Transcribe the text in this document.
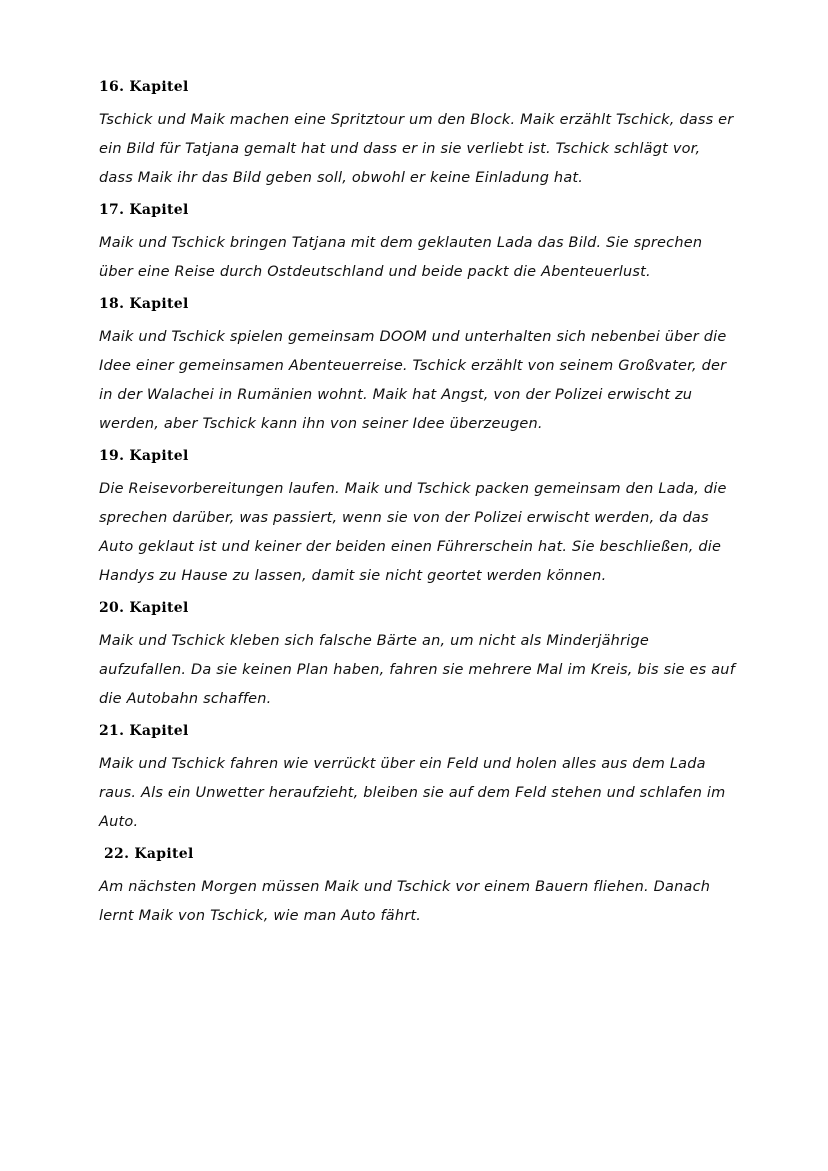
16. Kapitel

Tschick und Maik machen eine Spritztour um den Block. Maik erzählt Tschick, dass er ein Bild für Tatjana gemalt hat und dass er in sie verliebt ist. Tschick schlägt vor, dass Maik ihr das Bild geben soll, obwohl er keine Einladung hat.

17. Kapitel

Maik und Tschick bringen Tatjana mit dem geklauten Lada das Bild. Sie sprechen über eine Reise durch Ostdeutschland und beide packt die Abenteuerlust.

18. Kapitel

Maik und Tschick spielen gemeinsam DOOM und unterhalten sich nebenbei über die Idee einer gemeinsamen Abenteuerreise. Tschick erzählt von seinem Großvater, der in der Walachei in Rumänien wohnt. Maik hat Angst, von der Polizei erwischt zu werden, aber Tschick kann ihn von seiner Idee überzeugen.

19. Kapitel

Die Reisevorbereitungen laufen. Maik und Tschick packen gemeinsam den Lada, die sprechen darüber, was passiert, wenn sie von der Polizei erwischt werden, da das Auto geklaut ist und keiner der beiden einen Führerschein hat. Sie beschließen, die Handys zu Hause zu lassen, damit sie nicht geortet werden können.

20. Kapitel

Maik und Tschick kleben sich falsche Bärte an, um nicht als Minderjährige aufzufallen. Da sie keinen Plan haben, fahren sie mehrere Mal im Kreis, bis sie es auf die Autobahn schaffen.

21. Kapitel

Maik und Tschick fahren wie verrückt über ein Feld und holen alles aus dem Lada raus. Als ein Unwetter heraufzieht, bleiben sie auf dem Feld stehen und schlafen im Auto.

22. Kapitel

Am nächsten Morgen müssen Maik und Tschick vor einem Bauern fliehen. Danach lernt Maik von Tschick, wie man Auto fährt.
